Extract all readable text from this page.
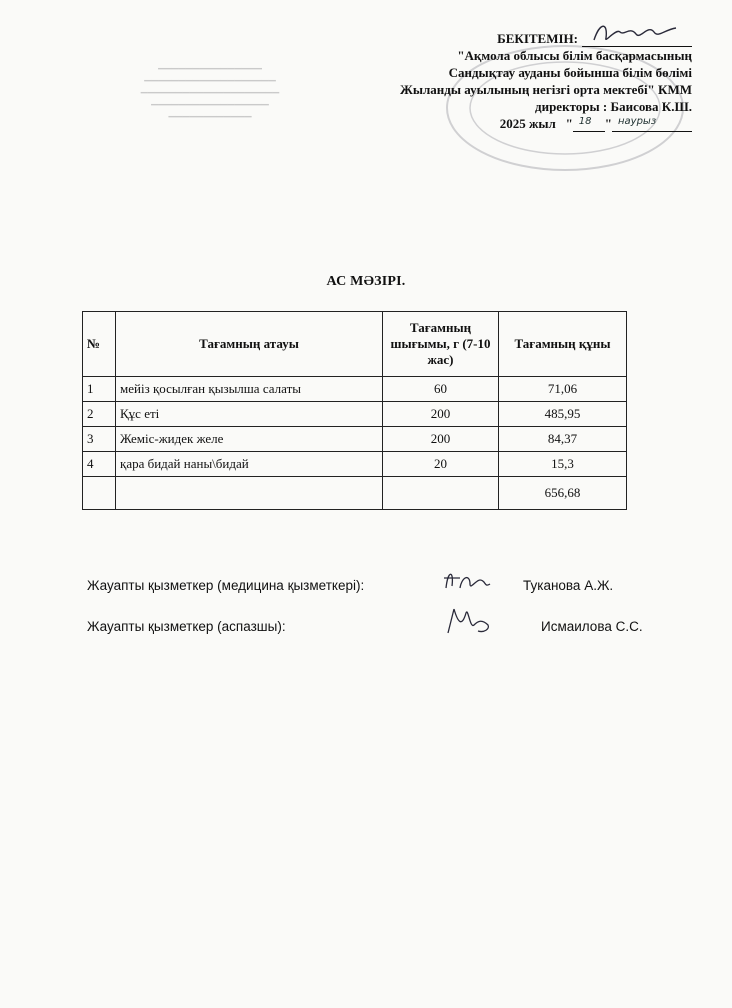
▁▁▁▁▁▁▁▁▁▁▁▁▁▁▁
▁▁▁▁▁▁▁▁▁▁▁▁▁▁▁▁▁▁▁
▁▁▁▁▁▁▁▁▁▁▁▁▁▁▁▁▁▁▁▁
▁▁▁▁▁▁▁▁▁▁▁▁▁▁▁▁▁
▁▁▁▁▁▁▁▁▁▁▁▁
БЕКІТЕМІН:
"Ақмола облысы білім басқармасының
Сандықтау ауданы бойынша білім бөлімі
Жыланды ауылының негізгі орта мектебі" КММ
директоры : Баисова К.Ш.
2025 жыл   " 18 " наурыз
АС МӘЗІРІ.
№	Тағамның атауы	Тағамның шығымы, г (7-10 жас)	Тағамның құны
1	мейіз қосылған қызылша салаты	60	71,06
2	Құс еті	200	485,95
3	Жеміс-жидек желе	200	84,37
4	қара бидай наны\бидай	20	15,3
			656,68
Жауапты қызметкер (медицина қызметкері):	Туканова А.Ж.
Жауапты қызметкер (аспазшы):	Исмаилова С.С.
